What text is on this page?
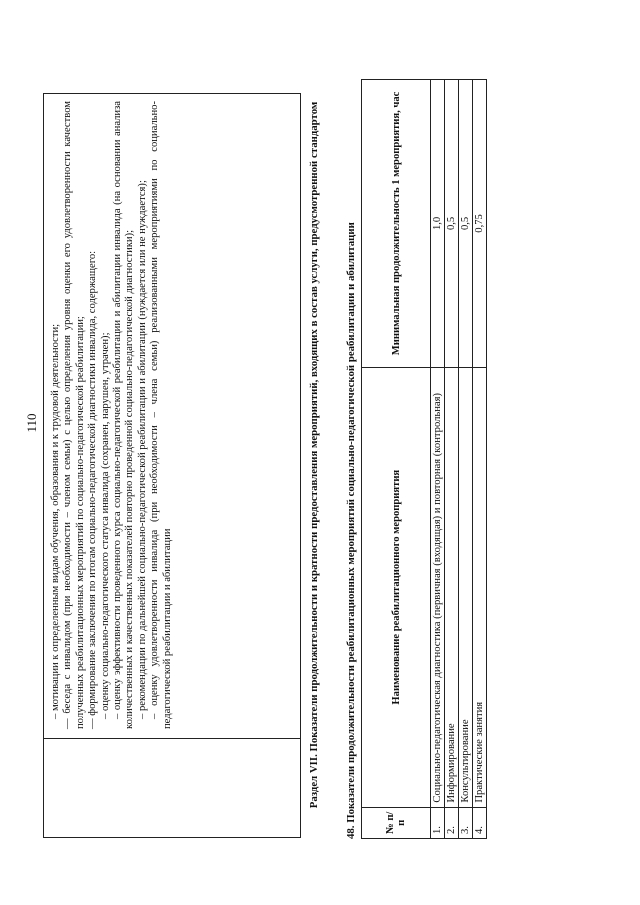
110 – мотивации к определенным видам обучения, образования и к трудовой деятельности; — беседа с инвалидом (при необходимости – членом семьи) с целью определения уровня оценки его удовлетворенности качеством полученных реабилитационных мероприятий по социально-педагогической реабилитации; — формирование заключения по итогам социально-педагогической диагностики инвалида, содержащего: – оценку социально-педагогического статуса инвалида (сохранен, нарушен, утрачен); – оценку эффективности проведенного курса социально-педагогической реабилитации и абилитации инвалида (на основании анализа количественных и качественных показателей повторно проведенной социально-педагогической диагностики); – рекомендации по дальнейшей социально-педагогической реабилитации и абилитации (нуждается или не нуждается); – оценку удовлетворенности инвалида (при необходимости – члена семьи) реализованными мероприятиями по социально-педагогической реабилитации и абилитации	Раздел VII. Показатели продолжительности и кратности предоставления мероприятий, входящих в состав услуги, предусмотренной стандартом 48. Показатели продолжительности реабилитационных мероприятий социально-педагогической реабилитации и абилитации	№ п/п	Наименование реабилитационного мероприятия	Минимальная продолжительность 1 мероприятия, час
1.	Социально-педагогическая диагностика (первичная (входящая) и повторная (контрольная)	1,0
2.	Информирование	0,5
3.	Консультирование	0,5
4.	Практические занятия	0,75
